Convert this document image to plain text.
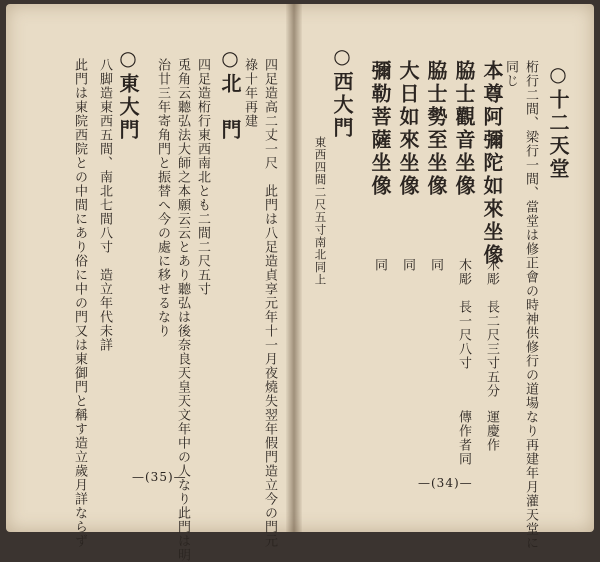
○十二天堂
桁行二間、梁行一間、當堂は修正會の時神供修行の道場なり再建年月灌天堂に
同じ
本尊阿彌陀如來坐像
木彫　長二尺三寸五分
運慶作
脇士觀音坐像
木彫　長一尺八寸
傳作者同
脇士勢至坐像
同
大日如來坐像
同
彌勒菩薩坐像
同
○西大門
東西四間二尺五寸南北同上
—(34)—
四足造高二丈一尺　此門は八足造貞享元年十一月夜燒失翌年假門造立今の門元
祿十年再建
○北　門
四足造桁行東西南北とも二間二尺五寸
兎角云聽弘法大師之本願云云とあり聽弘は後奈良天皇天文年中の人なり此門は明
治廿三年寄角門と振替へ今の處に移せるなり
○東大門
八脚造東西五間、南北七間八寸　造立年代未詳
此門は東院西院との中間にあり俗に中の門又は東御門と稱す造立歲月詳ならず	—(35)—
